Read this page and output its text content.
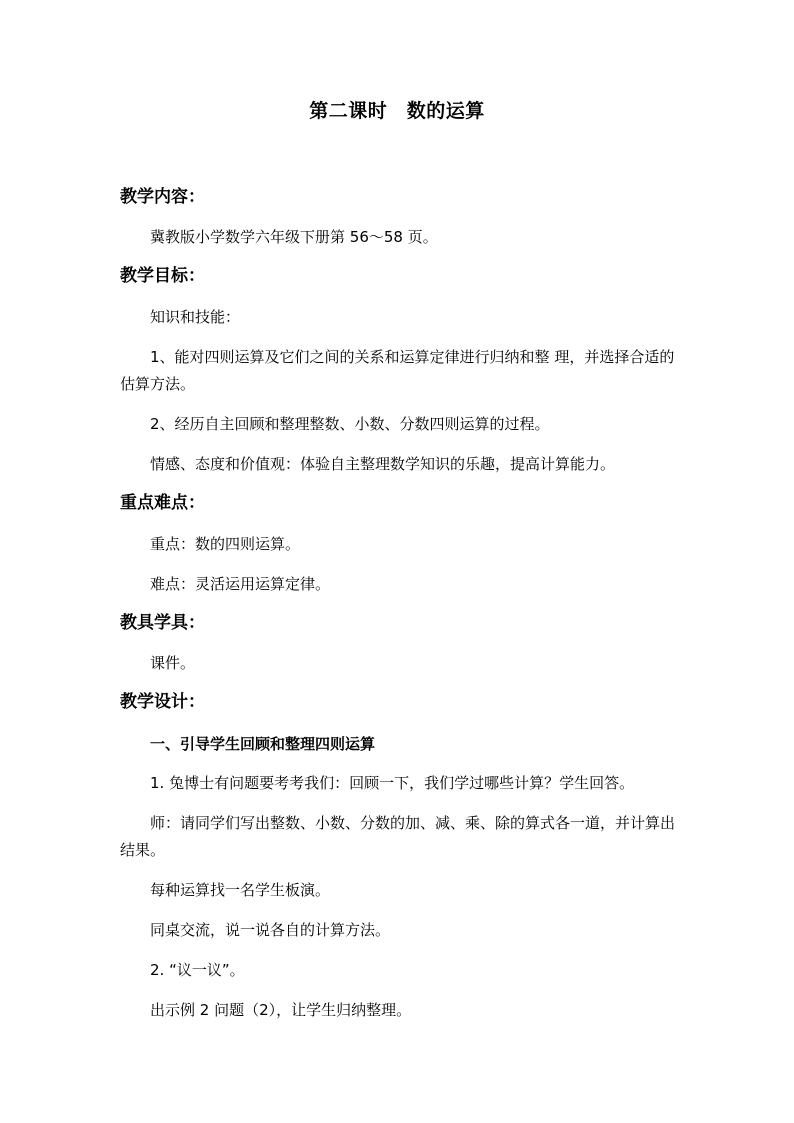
第二课时　数的运算
教学内容：
冀教版小学数学六年级下册第 56～58 页。
教学目标：
知识和技能：
1、能对四则运算及它们之间的关系和运算定律进行归纳和整 理，并选择合适的估算方法。
2、经历自主回顾和整理整数、小数、分数四则运算的过程。
情感、态度和价值观：体验自主整理数学知识的乐趣，提高计算能力。
重点难点：
重点：数的四则运算。
难点：灵活运用运算定律。
教具学具：
课件。
教学设计：
一、引导学生回顾和整理四则运算
1. 兔博士有问题要考考我们：回顾一下，我们学过哪些计算？学生回答。
师：请同学们写出整数、小数、分数的加、减、乘、除的算式各一道，并计算出结果。
每种运算找一名学生板演。
同桌交流，说一说各自的计算方法。
2. “议一议”。
出示例 2 问题（2），让学生归纳整理。
